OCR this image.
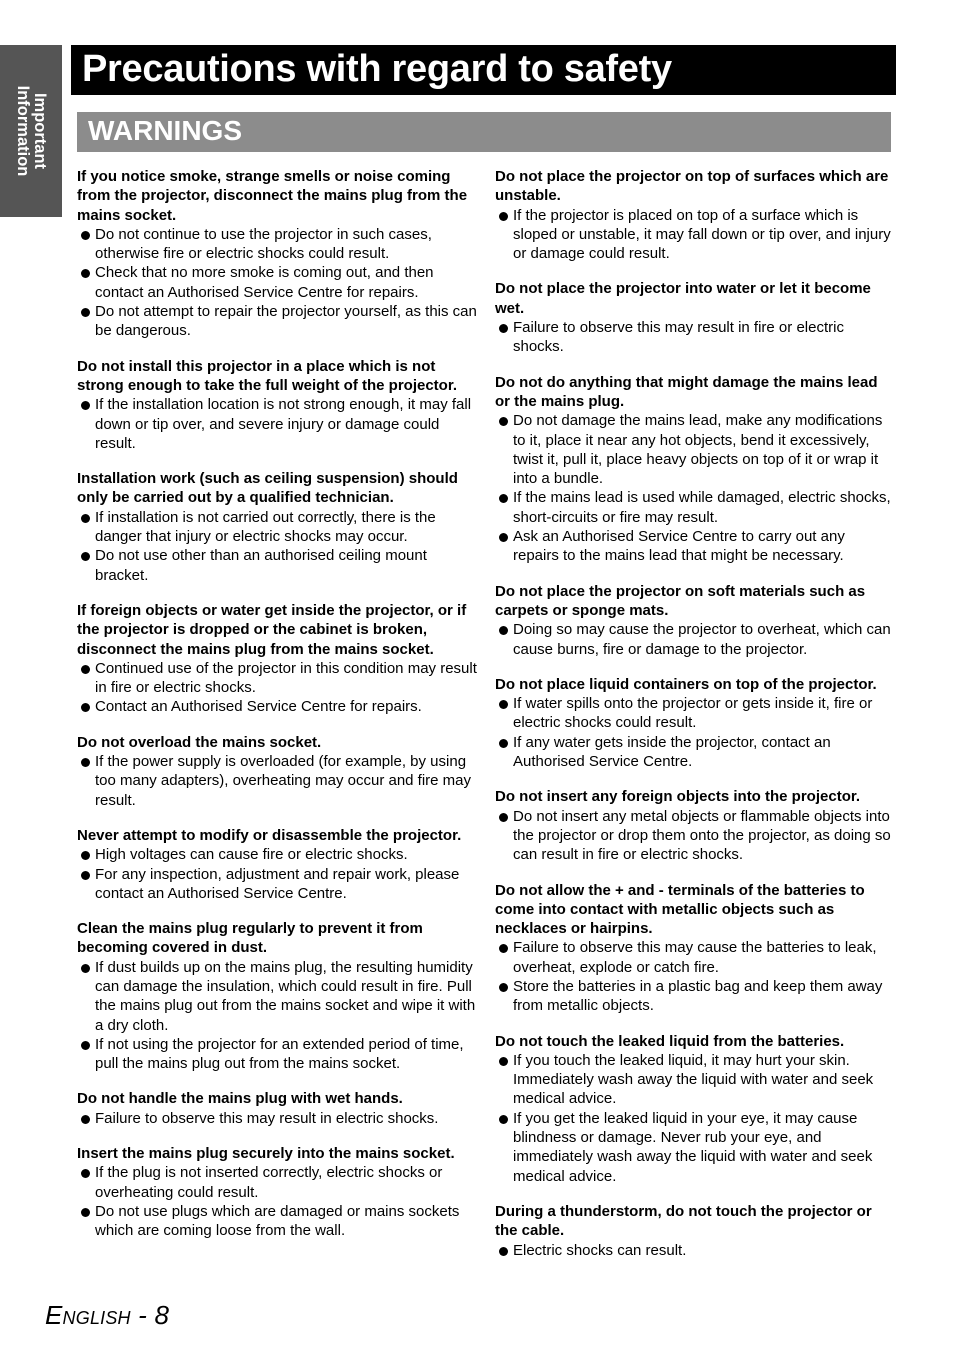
Important
Information
Precautions with regard to safety
WARNINGS

If you notice smoke, strange smells or noise coming from the projector, disconnect the mains plug from the mains socket.

Do not continue to use the projector in such cases, otherwise fire or electric shocks could result.
Check that no more smoke is coming out, and then contact an Authorised Service Centre for repairs.
Do not attempt to repair the projector yourself, as this can be dangerous.

Do not install this projector in a place which is not strong enough to take the full weight of the projector.

If the installation location is not strong enough, it may fall down or tip over, and severe injury or damage could result.

Installation work (such as ceiling suspension) should only be carried out by a qualified technician.

If installation is not carried out correctly, there is the danger that injury or electric shocks may occur.
Do not use other than an authorised ceiling mount bracket.

If foreign objects or water get inside the projector, or if the projector is dropped or the cabinet is broken, disconnect the mains plug from the mains socket.

Continued use of the projector in this condition may result in fire or electric shocks.
Contact an Authorised Service Centre for repairs.

Do not overload the mains socket.

If the power supply is overloaded (for example, by using too many adapters), overheating may occur and fire may result.

Never attempt to modify or disassemble the projector.

High voltages can cause fire or electric shocks.
For any inspection, adjustment and repair work, please contact an Authorised Service Centre.

Clean the mains plug regularly to prevent it from becoming covered in dust.

If dust builds up on the mains plug, the resulting humidity can damage the insulation, which could result in fire. Pull the mains plug out from the mains socket and wipe it with a dry cloth.
If not using the projector for an extended period of time, pull the mains plug out from the mains socket.

Do not handle the mains plug with wet hands.

Failure to observe this may result in electric shocks.

Insert the mains plug securely into the mains socket.

If the plug is not inserted correctly, electric shocks or overheating could result.
Do not use plugs which are damaged or mains sockets which are coming loose from the wall.

Do not place the projector on top of surfaces which are unstable.

If the projector is placed on top of a surface which is sloped or unstable, it may fall down or tip over, and injury or damage could result.

Do not place the projector into water or let it become wet.

Failure to observe this may result in fire or electric shocks.

Do not do anything that might damage the mains lead or the mains plug.

Do not damage the mains lead, make any modifications to it, place it near any hot objects, bend it excessively, twist it, pull it, place heavy objects on top of it or wrap it into a bundle.
If the mains lead is used while damaged, electric shocks, short-circuits or fire may result.
Ask an Authorised Service Centre to carry out any repairs to the mains lead that might be necessary.

Do not place the projector on soft materials such as carpets or sponge mats.

Doing so may cause the projector to overheat, which can cause burns, fire or damage to the projector.

Do not place liquid containers on top of the projector.

If water spills onto the projector or gets inside it, fire or electric shocks could result.
If any water gets inside the projector, contact an Authorised Service Centre.

Do not insert any foreign objects into the projector.

Do not insert any metal objects or flammable objects into the projector or drop them onto the projector, as doing so can result in fire or electric shocks.

Do not allow the + and - terminals of the batteries to come into contact with metallic objects such as necklaces or hairpins.

Failure to observe this may cause the batteries to leak, overheat, explode or catch fire.
Store the batteries in a plastic bag and keep them away from metallic objects.

Do not touch the leaked liquid from the batteries.

If you touch the leaked liquid, it may hurt your skin. Immediately wash away the liquid with water and seek medical advice.
If you get the leaked liquid in your eye, it may cause blindness or damage. Never rub your eye, and immediately wash away the liquid with water and seek medical advice.

During a thunderstorm, do not touch the projector or the cable.

Electric shocks can result.
English - 8
